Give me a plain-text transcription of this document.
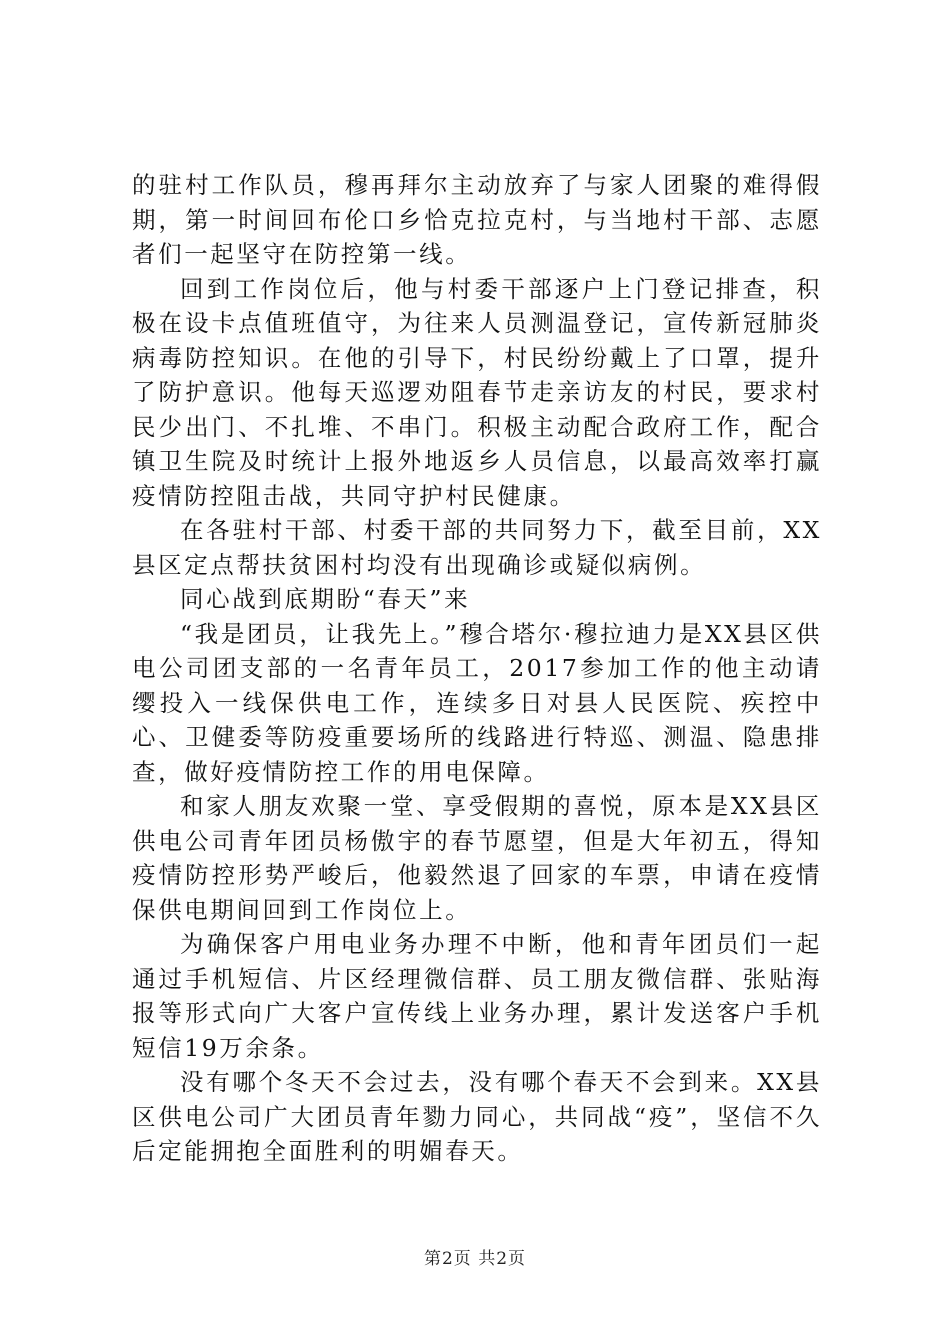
的驻村工作队员，穆再拜尔主动放弃了与家人团聚的难得假期，第一时间回布伦口乡恰克拉克村，与当地村干部、志愿者们一起坚守在防控第一线。

回到工作岗位后，他与村委干部逐户上门登记排查，积极在设卡点值班值守，为往来人员测温登记，宣传新冠肺炎病毒防控知识。在他的引导下，村民纷纷戴上了口罩，提升了防护意识。他每天巡逻劝阻春节走亲访友的村民，要求村民少出门、不扎堆、不串门。积极主动配合政府工作，配合镇卫生院及时统计上报外地返乡人员信息，以最高效率打赢疫情防控阻击战，共同守护村民健康。

在各驻村干部、村委干部的共同努力下，截至目前，XX县区定点帮扶贫困村均没有出现确诊或疑似病例。

同心战到底期盼“春天”来

“我是团员，让我先上。”穆合塔尔·穆拉迪力是XX县区供电公司团支部的一名青年员工，2017参加工作的他主动请缨投入一线保供电工作，连续多日对县人民医院、疾控中心、卫健委等防疫重要场所的线路进行特巡、测温、隐患排查，做好疫情防控工作的用电保障。

和家人朋友欢聚一堂、享受假期的喜悦，原本是XX县区供电公司青年团员杨傲宇的春节愿望，但是大年初五，得知疫情防控形势严峻后，他毅然退了回家的车票，申请在疫情保供电期间回到工作岗位上。

为确保客户用电业务办理不中断，他和青年团员们一起通过手机短信、片区经理微信群、员工朋友微信群、张贴海报等形式向广大客户宣传线上业务办理，累计发送客户手机短信19万余条。

没有哪个冬天不会过去，没有哪个春天不会到来。XX县区供电公司广大团员青年勠力同心，共同战“疫”，坚信不久后定能拥抱全面胜利的明媚春天。

第2页 共2页
